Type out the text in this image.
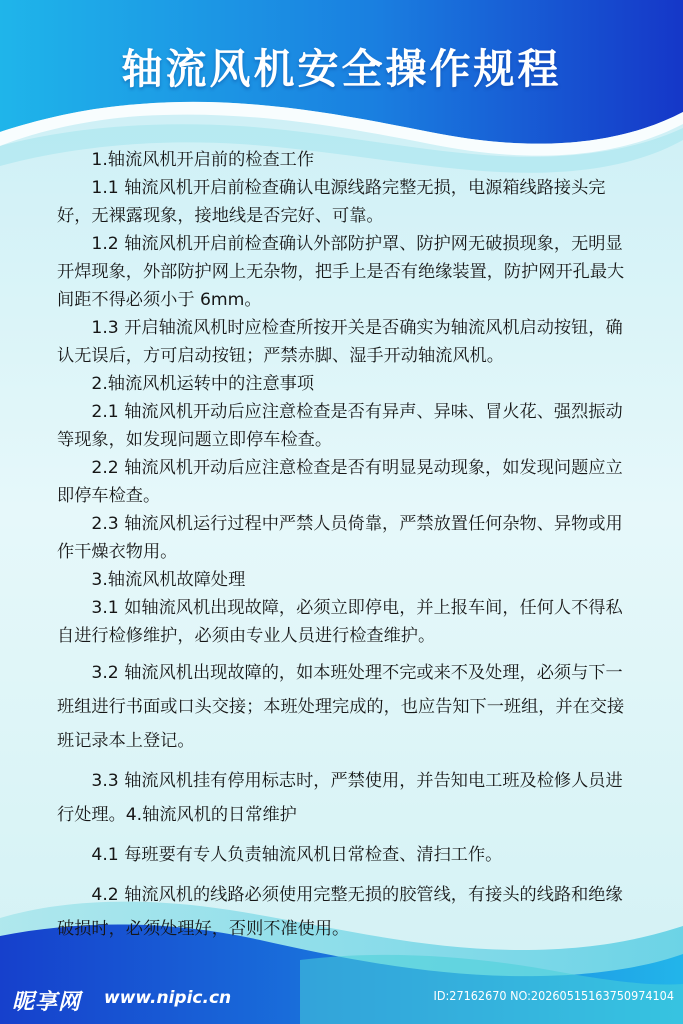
轴流风机安全操作规程

1.轴流风机开启前的检查工作

1.1 轴流风机开启前检查确认电源线路完整无损，电源箱线路接头完好，无裸露现象，接地线是否完好、可靠。

1.2 轴流风机开启前检查确认外部防护罩、防护网无破损现象，无明显开焊现象，外部防护网上无杂物，把手上是否有绝缘装置，防护网开孔最大间距不得必须小于 6mm。

1.3 开启轴流风机时应检查所按开关是否确实为轴流风机启动按钮，确认无误后，方可启动按钮；严禁赤脚、湿手开动轴流风机。

2.轴流风机运转中的注意事项

2.1 轴流风机开动后应注意检查是否有异声、异味、冒火花、强烈振动等现象，如发现问题立即停车检查。

2.2 轴流风机开动后应注意检查是否有明显晃动现象，如发现问题应立即停车检查。

2.3 轴流风机运行过程中严禁人员倚靠，严禁放置任何杂物、异物或用作干燥衣物用。

3.轴流风机故障处理

3.1 如轴流风机出现故障，必须立即停电，并上报车间，任何人不得私自进行检修维护，必须由专业人员进行检查维护。

3.2 轴流风机出现故障的，如本班处理不完或来不及处理，必须与下一班组进行书面或口头交接；本班处理完成的，也应告知下一班组，并在交接班记录本上登记。

3.3 轴流风机挂有停用标志时，严禁使用，并告知电工班及检修人员进行处理。4.轴流风机的日常维护

4.1 每班要有专人负责轴流风机日常检查、清扫工作。

4.2 轴流风机的线路必须使用完整无损的胶管线，有接头的线路和绝缘破损时，必须处理好，否则不准使用。

昵享网 www.nipic.cn	ID:27162670 NO:20260515163750974104
